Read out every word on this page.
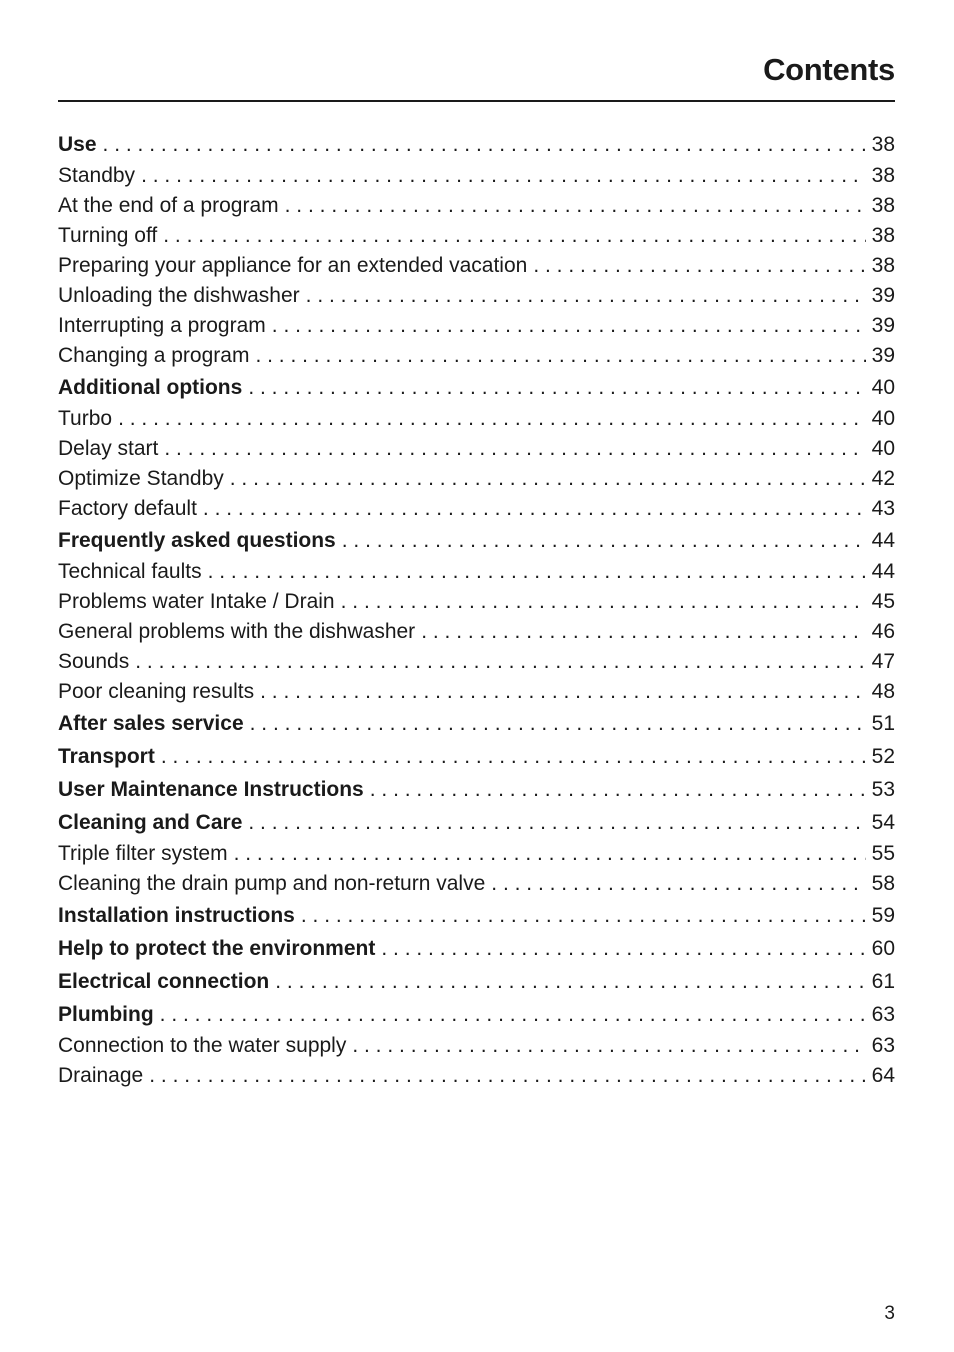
Contents
Use . . .	38
Standby . . .	38
At the end of a program . . .	38
Turning off . . .	38
Preparing your appliance for an extended vacation . . .	38
Unloading the dishwasher . . .	39
Interrupting a program . . .	39
Changing a program . . .	39
Additional options . . .	40
Turbo . . .	40
Delay start . . .	40
Optimize Standby . . .	42
Factory default . . .	43
Frequently asked questions . . .	44
Technical faults . . .	44
Problems water Intake / Drain . . .	45
General problems with the dishwasher . . .	46
Sounds . . .	47
Poor cleaning results . . .	48
After sales service . . .	51
Transport . . .	52
User Maintenance Instructions . . .	53
Cleaning and Care . . .	54
Triple filter system . . .	55
Cleaning the drain pump and non-return valve . . .	58
Installation instructions . . .	59
Help to protect the environment . . .	60
Electrical connection . . .	61
Plumbing . . .	63
Connection to the water supply . . .	63
Drainage . . .	64

3
